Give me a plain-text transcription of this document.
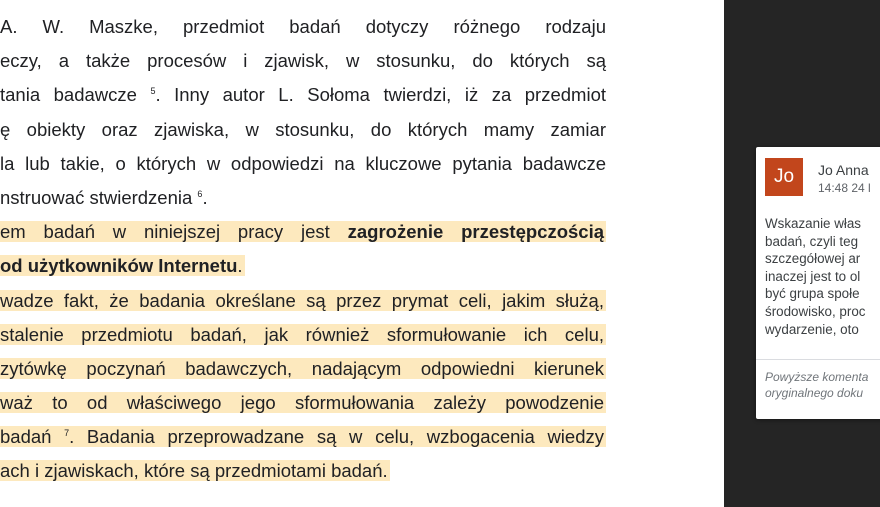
A. W. Maszke, przedmiot badań dotyczy różnego rodzaju
eczy, a także procesów i zjawisk, w stosunku, do których są
tania badawcze $^5$. Inny autor L. Sołoma twierdzi, iż za przedmiot
ę obiekty oraz zjawiska, w stosunku, do których mamy zamiar
la lub takie, o których w odpowiedzi na kluczowe pytania badawcze
nstruować stwierdzenia $^6$.
em badań w niniejszej pracy jest zagrożenie przestępczością
od użytkowników Internetu.
wadze fakt, że badania określane są przez prymat celi, jakim służą,
stalenie przedmiotu badań, jak również sformułowanie ich celu,
zytówkę poczynań badawczych, nadającym odpowiedni kierunek
waż to od właściwego jego sformułowania zależy powodzenie
badań $^7$. Badania przeprowadzane są w celu, wzbogacenia wiedzy
ach i zjawiskach, które są przedmiotami badań.
Jo	Jo Anna
14:48 24 l
Wskazanie włas
badań, czyli teg
szczegółowej ar
inaczej jest to ol
być grupa społe
środowisko, proc
wydarzenie, oto
Powyższe komenta
oryginalnego doku
